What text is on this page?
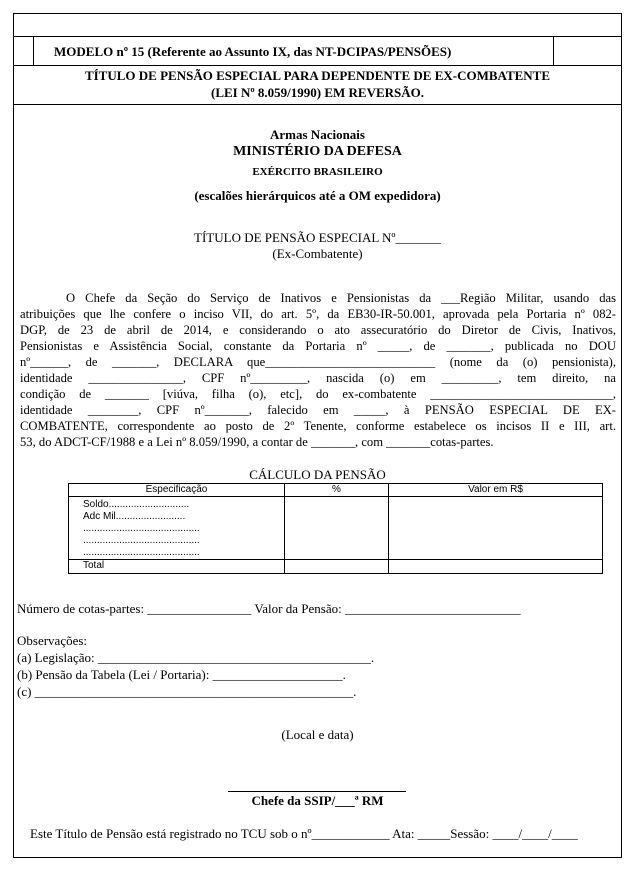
MODELO nº 15 (Referente ao Assunto IX, das NT-DCIPAS/PENSÕES)
TÍTULO DE PENSÃO ESPECIAL PARA DEPENDENTE DE EX-COMBATENTE
(LEI Nº 8.059/1990) EM REVERSÃO.
Armas Nacionais
MINISTÉRIO DA DEFESA
EXÉRCITO BRASILEIRO
(escalões hierárquicos até a OM expedidora)
TÍTULO DE PENSÃO ESPECIAL Nº_______
(Ex-Combatente)
O Chefe da Seção do Serviço de Inativos e Pensionistas da ___Região Militar, usando das
atribuições que lhe confere o inciso VII, do art. 5º, da EB30-IR-50.001, aprovada pela Portaria nº 082-
DGP, de 23 de abril de 2014, e considerando o ato assecuratório do Diretor de Civis, Inativos,
Pensionistas e Assistência Social, constante da Portaria nº _____, de _______, publicada no DOU
nº______, de _______, DECLARA que___________________________ (nome da (o) pensionista),
identidade _______________, CPF nº_________, nascida (o) em _________, tem direito, na
condição de _______ [viúva, filha (o), etc], do ex-combatente _____________________________,
identidade ________, CPF nº_______, falecido em _____, à PENSÃO ESPECIAL DE EX-
COMBATENTE, correspondente ao posto de 2º Tenente, conforme estabelece os incisos II e III, art.
53, do ADCT-CF/1988 e a Lei nº 8.059/1990, a contar de _______, com _______cotas-partes.
CÁLCULO DA PENSÃO
Especificação	%	Valor em R$

Soldo.............................
Adc Mil.........................
..........................................
..........................................
..........................................		

Total		
Número de cotas-partes: ________________ Valor da Pensão: ___________________________
Observações:
(a) Legislação: __________________________________________.
(b) Pensão da Tabela (Lei / Portaria): ____________________.
(c) _________________________________________________.
(Local e data)
Chefe da SSIP/___ª RM
Este Título de Pensão está registrado no TCU sob o nº____________ Ata: _____Sessão: ____/____/____
